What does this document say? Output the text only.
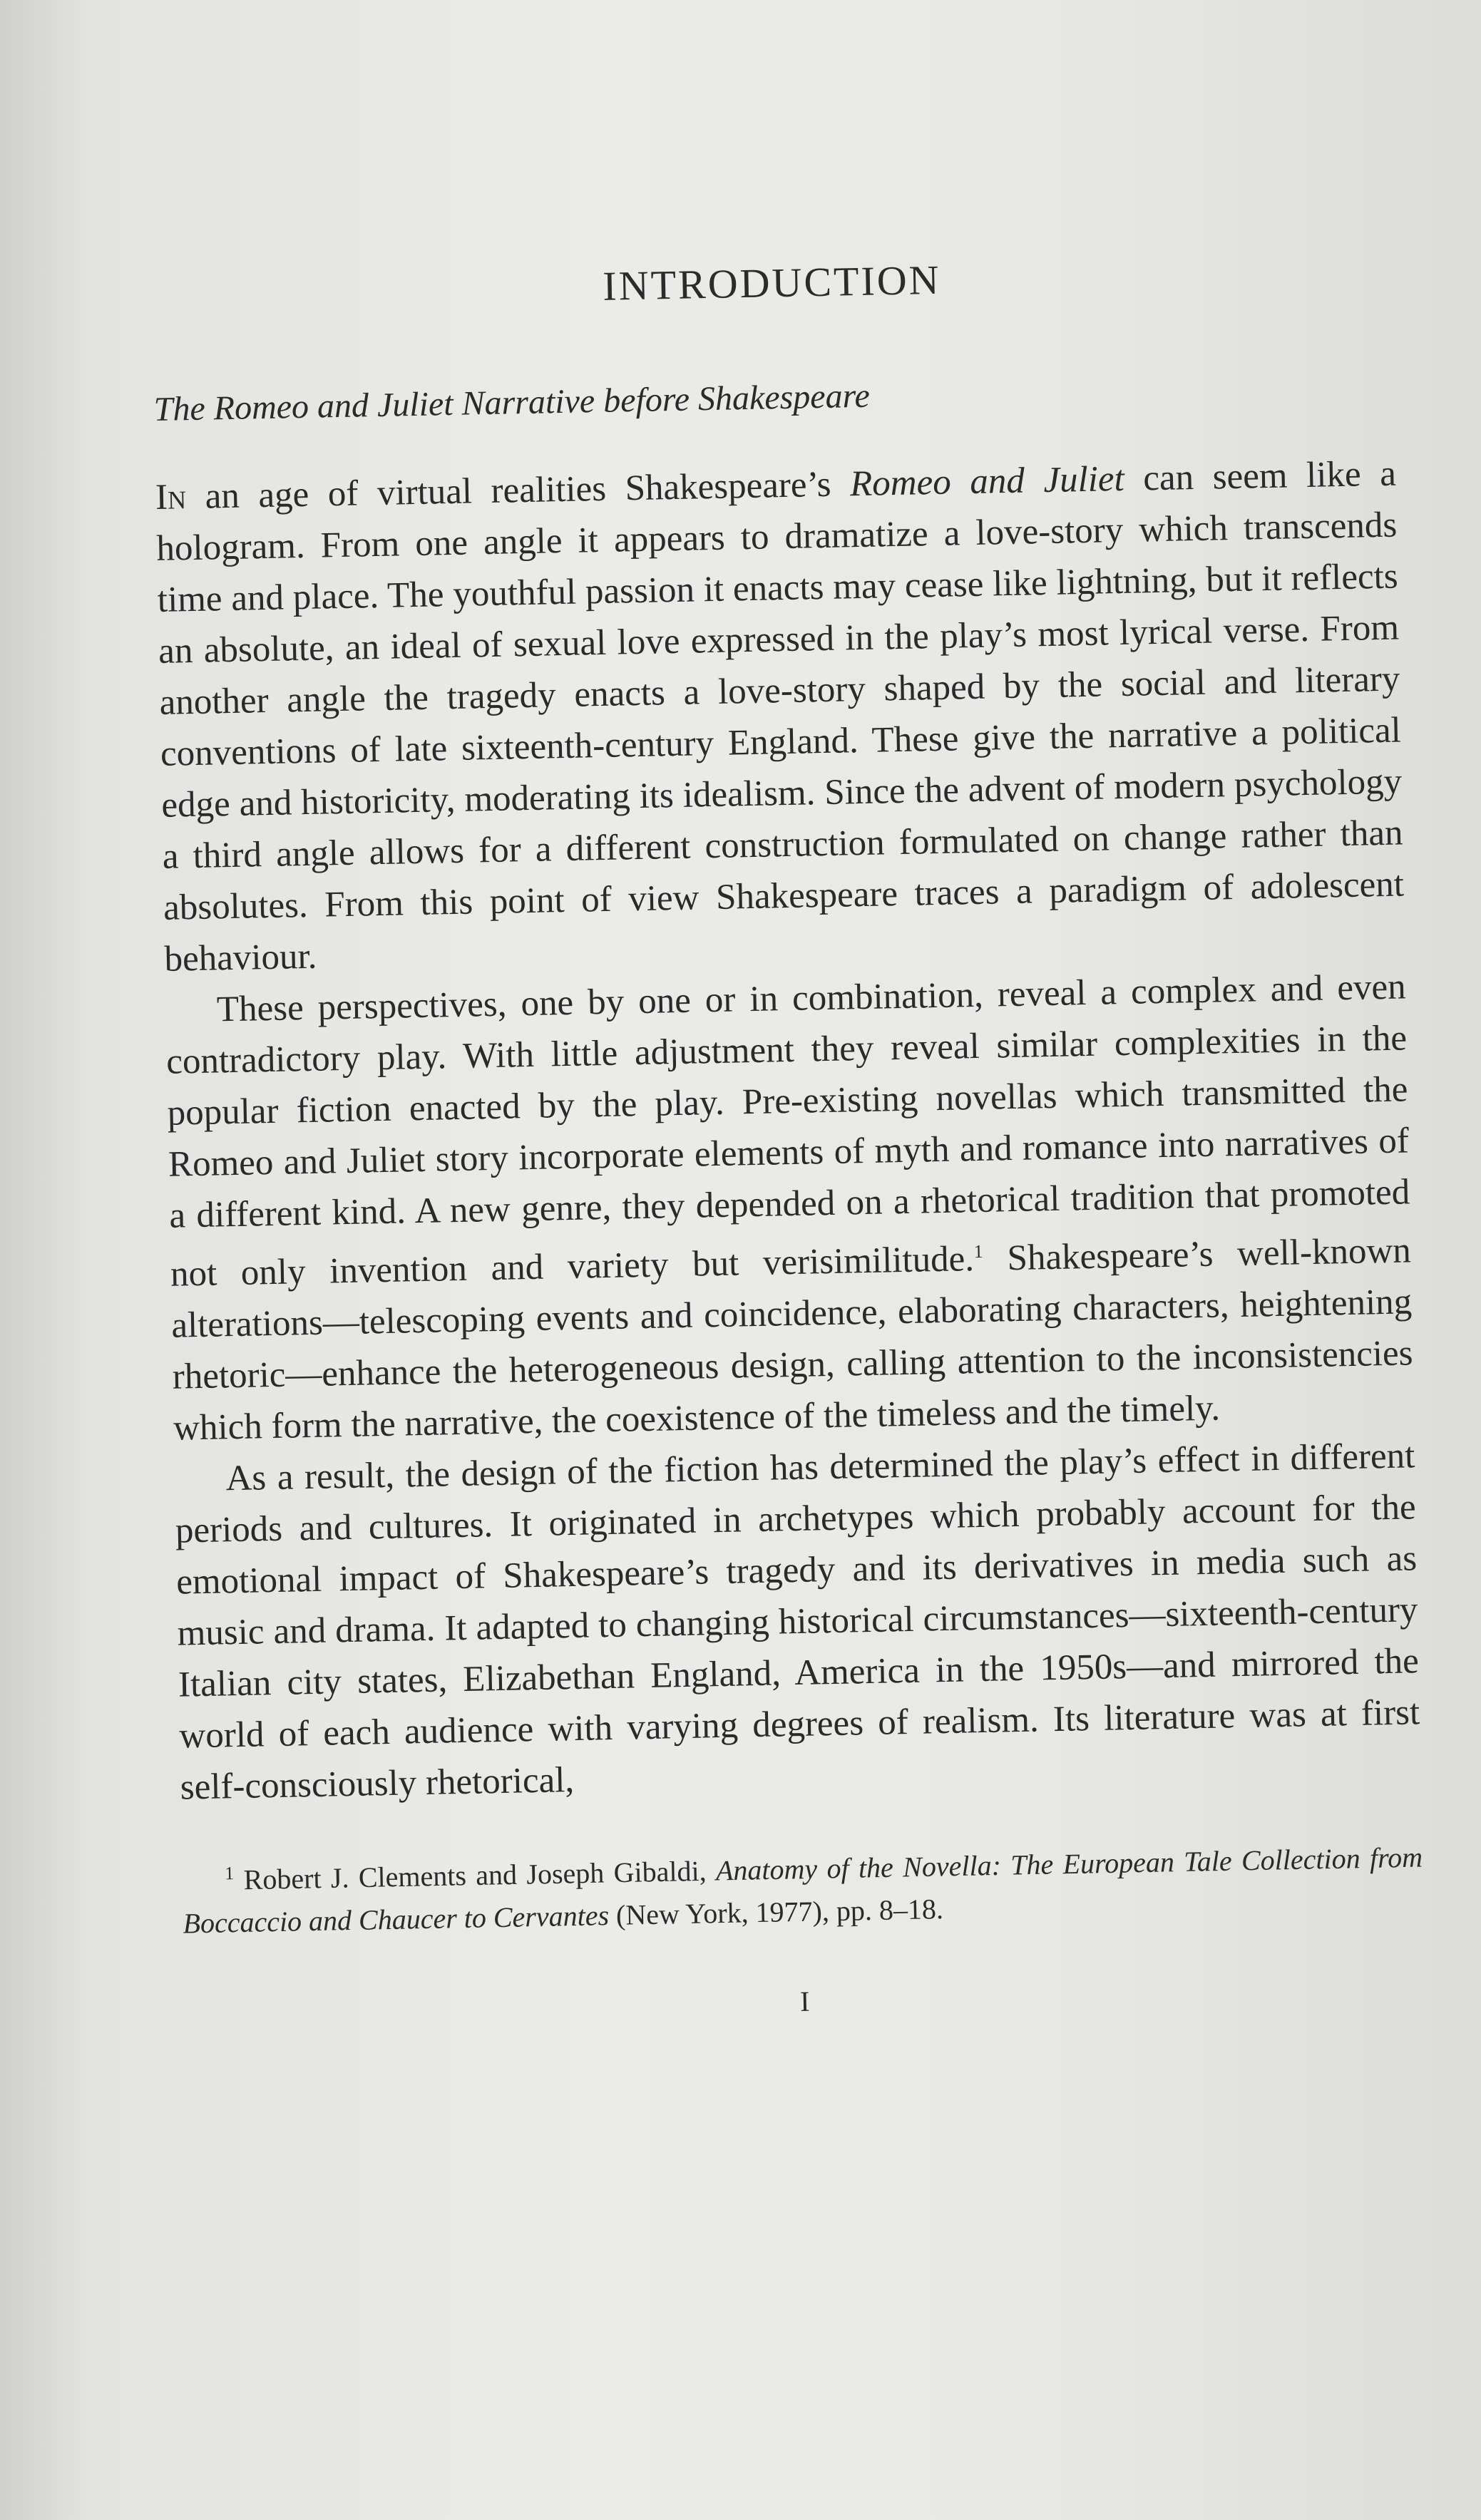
INTRODUCTION
The Romeo and Juliet Narrative before Shakespeare

In an age of virtual realities Shakespeare’s Romeo and Juliet can seem like a hologram. From one angle it appears to dramatize a love-story which transcends time and place. The youthful passion it enacts may cease like lightning, but it reflects an absolute, an ideal of sexual love expressed in the play’s most lyrical verse. From another angle the tragedy enacts a love-story shaped by the social and literary conventions of late sixteenth-century England. These give the narrative a political edge and historicity, moderating its idealism. Since the advent of modern psychology a third angle allows for a different construction formulated on change rather than absolutes. From this point of view Shakespeare traces a paradigm of adolescent behaviour.

These perspectives, one by one or in combination, reveal a complex and even contradictory play. With little adjustment they reveal similar complexities in the popular fiction enacted by the play. Pre-existing novellas which transmitted the Romeo and Juliet story incorporate elements of myth and romance into narratives of a different kind. A new genre, they depended on a rhetorical tradition that promoted not only invention and variety but verisimilitude.$^1$ Shakespeare’s well-known alterations—telescoping events and coincidence, elaborating characters, heightening rhetoric—enhance the heterogeneous design, calling attention to the inconsistencies which form the narrative, the coexistence of the timeless and the timely.

As a result, the design of the fiction has determined the play’s effect in different periods and cultures. It originated in archetypes which probably account for the emotional impact of Shakespeare’s tragedy and its derivatives in media such as music and drama. It adapted to changing historical circumstances—sixteenth-century Italian city states, Elizabethan England, America in the 1950s—and mirrored the world of each audience with varying degrees of realism. Its literature was at first self-consciously rhetorical,

$^1$ Robert J. Clements and Joseph Gibaldi, Anatomy of the Novella: The European Tale Collection from Boccaccio and Chaucer to Cervantes (New York, 1977), pp. 8–18.

I
